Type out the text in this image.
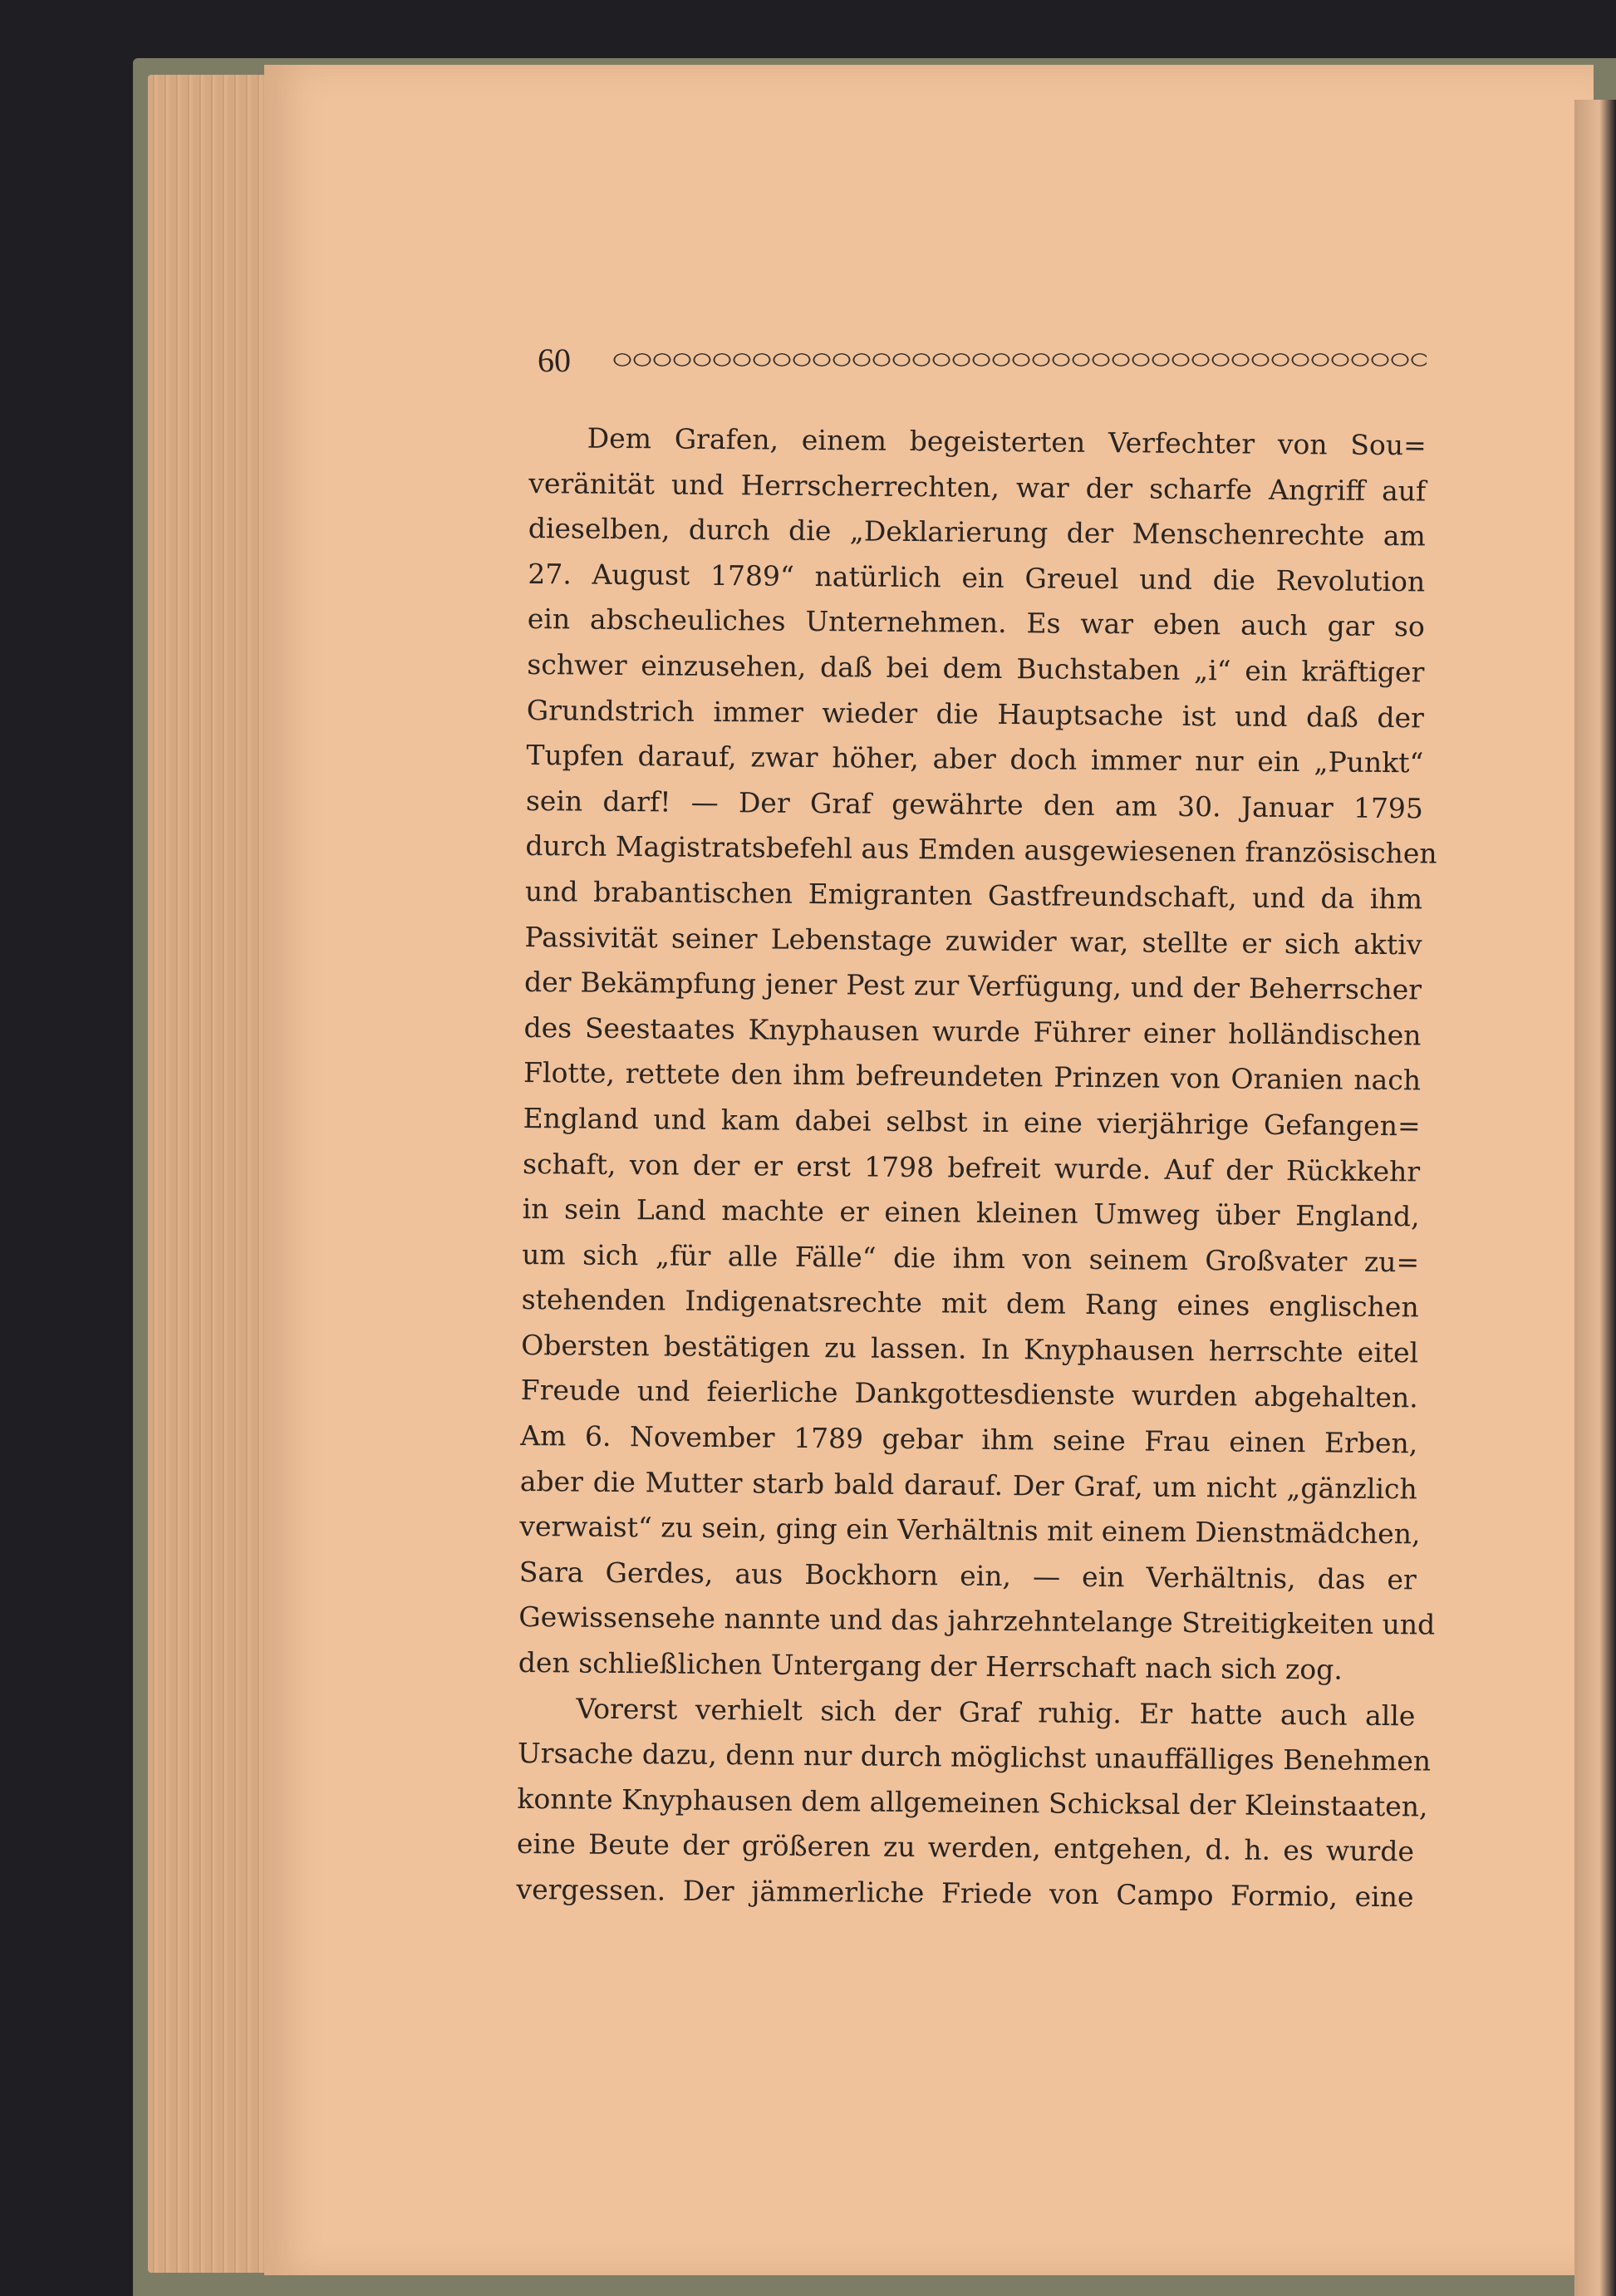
60
Dem Grafen, einem begeisterten Verfechter von Sou=
veränität und Herrscherrechten, war der scharfe Angriff auf
dieselben, durch die „Deklarierung der Menschenrechte am
27. August 1789“ natürlich ein Greuel und die Revolution
ein abscheuliches Unternehmen. Es war eben auch gar so
schwer einzusehen, daß bei dem Buchstaben „i“ ein kräftiger
Grundstrich immer wieder die Hauptsache ist und daß der
Tupfen darauf, zwar höher, aber doch immer nur ein „Punkt“
sein darf! — Der Graf gewährte den am 30. Januar 1795
durch Magistratsbefehl aus Emden ausgewiesenen französischen
und brabantischen Emigranten Gastfreundschaft, und da ihm
Passivität seiner Lebenstage zuwider war, stellte er sich aktiv
der Bekämpfung jener Pest zur Verfügung, und der Beherrscher
des Seestaates Knyphausen wurde Führer einer holländischen
Flotte, rettete den ihm befreundeten Prinzen von Oranien nach
England und kam dabei selbst in eine vierjährige Gefangen=
schaft, von der er erst 1798 befreit wurde. Auf der Rückkehr
in sein Land machte er einen kleinen Umweg über England,
um sich „für alle Fälle“ die ihm von seinem Großvater zu=
stehenden Indigenatsrechte mit dem Rang eines englischen
Obersten bestätigen zu lassen. In Knyphausen herrschte eitel
Freude und feierliche Dankgottesdienste wurden abgehalten.
Am 6. November 1789 gebar ihm seine Frau einen Erben,
aber die Mutter starb bald darauf. Der Graf, um nicht „gänzlich
verwaist“ zu sein, ging ein Verhältnis mit einem Dienstmädchen,
Sara Gerdes, aus Bockhorn ein, — ein Verhältnis, das er
Gewissensehe nannte und das jahrzehntelange Streitigkeiten und
den schließlichen Untergang der Herrschaft nach sich zog.
Vorerst verhielt sich der Graf ruhig. Er hatte auch alle
Ursache dazu, denn nur durch möglichst unauffälliges Benehmen
konnte Knyphausen dem allgemeinen Schicksal der Kleinstaaten,
eine Beute der größeren zu werden, entgehen, d. h. es wurde
vergessen. Der jämmerliche Friede von Campo Formio, eine
